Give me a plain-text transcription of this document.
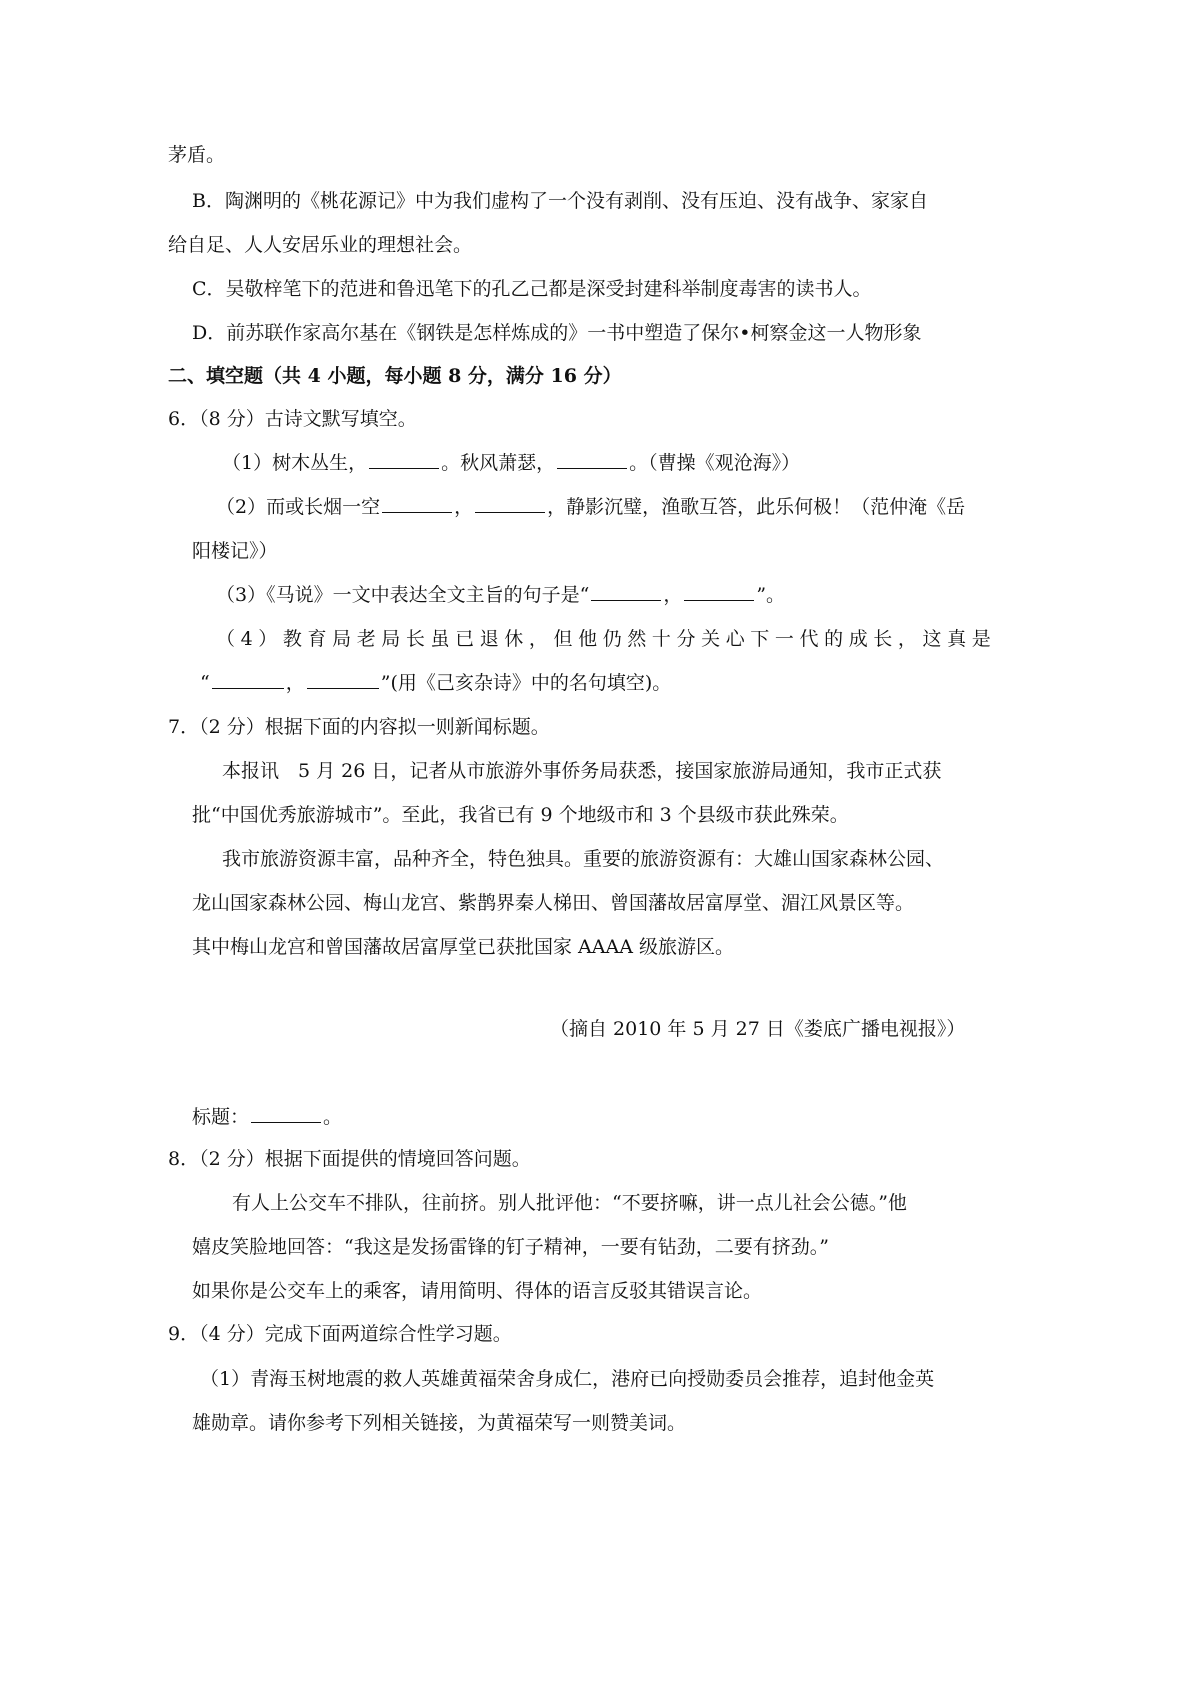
茅盾。
B．陶渊明的《桃花源记》中为我们虚构了一个没有剥削、没有压迫、没有战争、家家自
给自足、人人安居乐业的理想社会。
C．吴敬梓笔下的范进和鲁迅笔下的孔乙己都是深受封建科举制度毒害的读书人。
D．前苏联作家高尔基在《钢铁是怎样炼成的》一书中塑造了保尔•柯察金这一人物形象
二、填空题（共 4 小题，每小题 8 分，满分 16 分）
6．（8 分）古诗文默写填空。
（1）树木丛生，	。秋风萧瑟，	。（曹操《观沧海》）
（2）而或长烟一空	，	，静影沉璧，渔歌互答，此乐何极！（范仲淹《岳
阳楼记》）
（3）《马说》一文中表达全文主旨的句子是“	，	”。
（4）教育局老局长虽已退休，但他仍然十分关心下一代的成长，这真是
“	，	”(用《己亥杂诗》中的名句填空)。
7．（2 分）根据下面的内容拟一则新闻标题。
本报讯　5 月 26 日，记者从市旅游外事侨务局获悉，接国家旅游局通知，我市正式获
批“中国优秀旅游城市”。至此，我省已有 9 个地级市和 3 个县级市获此殊荣。
我市旅游资源丰富，品种齐全，特色独具。重要的旅游资源有：大雄山国家森林公园、
龙山国家森林公园、梅山龙宫、紫鹊界秦人梯田、曾国藩故居富厚堂、湄江风景区等。
其中梅山龙宫和曾国藩故居富厚堂已获批国家 AAAA 级旅游区。
（摘自 2010 年 5 月 27 日《娄底广播电视报》）
标题：	。
8．（2 分）根据下面提供的情境回答问题。
有人上公交车不排队，往前挤。别人批评他：“不要挤嘛，讲一点儿社会公德。”他
嬉皮笑脸地回答：“我这是发扬雷锋的钉子精神，一要有钻劲，二要有挤劲。”
如果你是公交车上的乘客，请用简明、得体的语言反驳其错误言论。
9．（4 分）完成下面两道综合性学习题。
（1）青海玉树地震的救人英雄黄福荣舍身成仁，港府已向授勋委员会推荐，追封他金英
雄勋章。请你参考下列相关链接，为黄福荣写一则赞美词。
